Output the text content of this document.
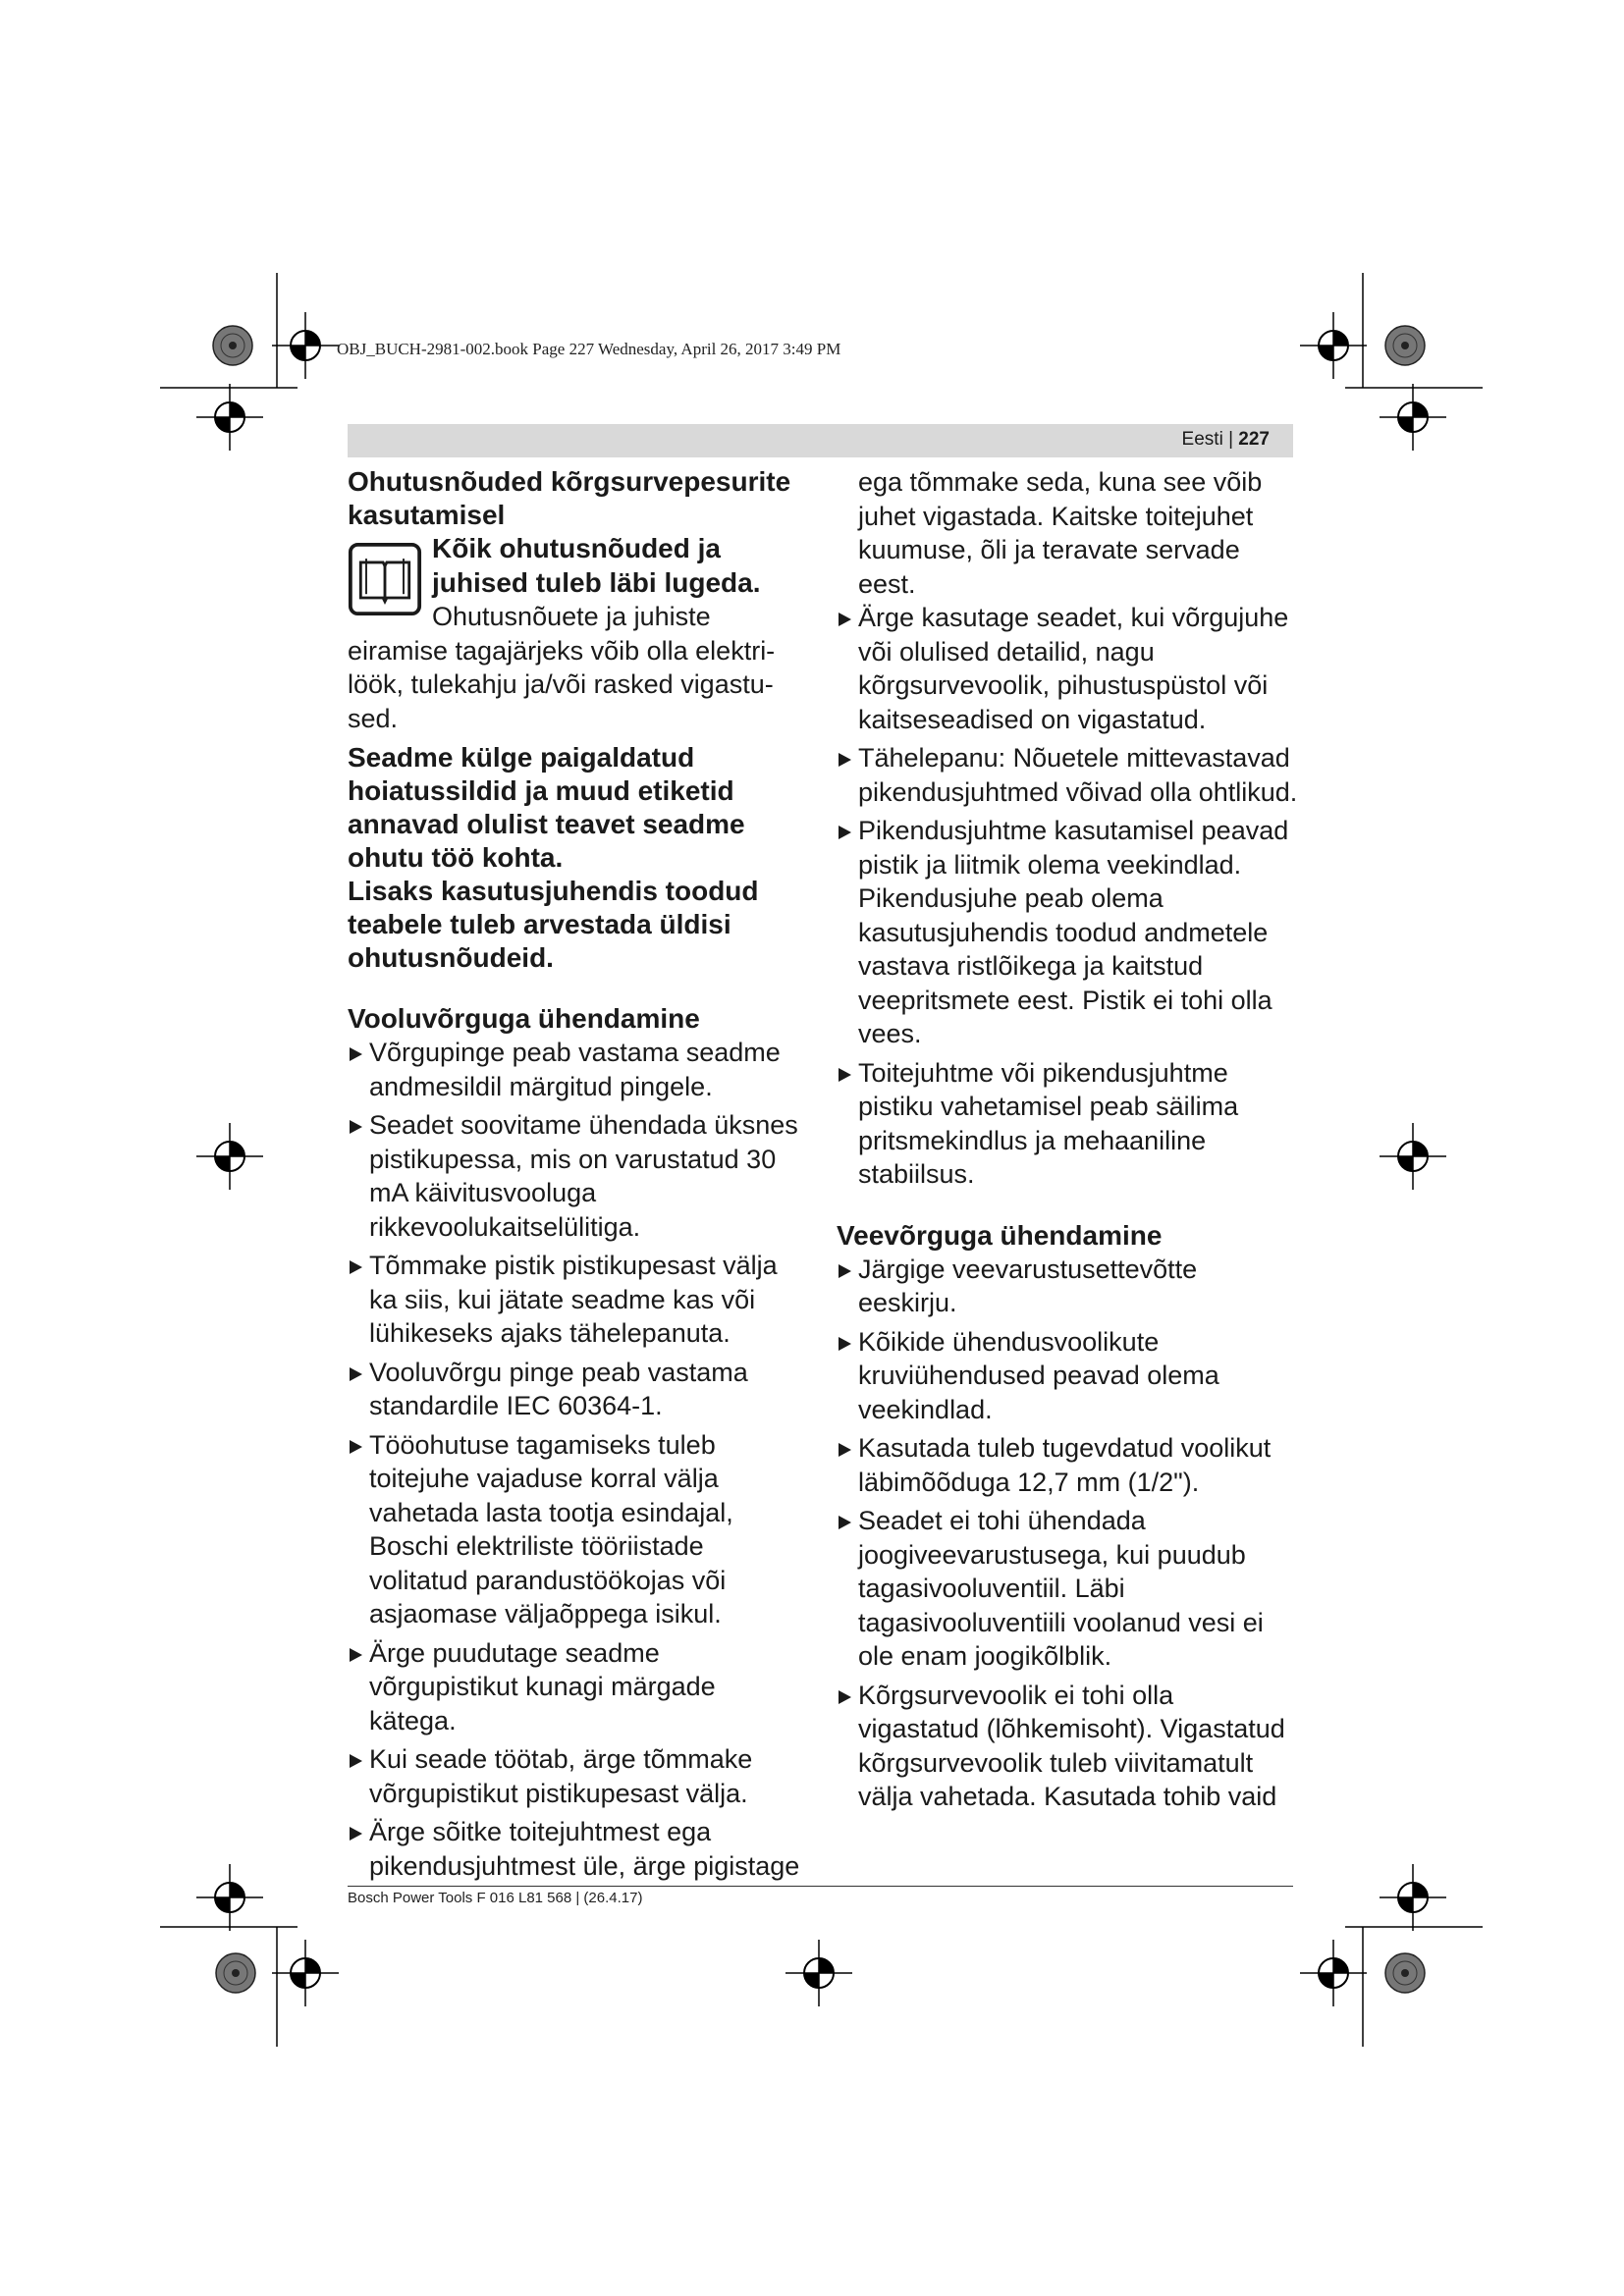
OBJ_BUCH-2981-002.book Page 227 Wednesday, April 26, 2017 3:49 PM
Eesti | 227

Ohutusnõuded kõrgsurvepesurite kasutamisel

Kõik ohutusnõuded ja juhised tuleb läbi lugeda. Ohutusnõuete ja juhiste eiramise tagajärjeks võib olla elektri-löök, tulekahju ja/või rasked vigastu-sed.

Seadme külge paigaldatud hoiatussildid ja muud etiketid annavad olulist teavet seadme ohutu töö kohta.

Lisaks kasutusjuhendis toodud teabele tuleb arvestada üldisi ohutusnõudeid.

Vooluvõrguga ühendamine

Võrgupinge peab vastama seadme andmesildil märgitud pingele.
Seadet soovitame ühendada üksnes pistikupessa, mis on varustatud 30 mA käivitusvooluga rikkevoolukaitselülitiga.
Tõmmake pistik pistikupesast välja ka siis, kui jätate seadme kas või lühikeseks ajaks tähelepanuta.
Vooluvõrgu pinge peab vastama standardile IEC 60364-1.
Tööohutuse tagamiseks tuleb toitejuhe vajaduse korral välja vahetada lasta tootja esindajal, Boschi elektriliste tööriistade volitatud parandustöökojas või asjaomase väljaõppega isikul.
Ärge puudutage seadme võrgupistikut kunagi märgade kätega.
Kui seade töötab, ärge tõmmake võrgupistikut pistikupesast välja.
Ärge sõitke toitejuhtmest ega pikendusjuhtmest üle, ärge pigistage

ega tõmmake seda, kuna see võib juhet vigastada. Kaitske toitejuhet kuumuse, õli ja teravate servade eest.

Ärge kasutage seadet, kui võrgujuhe või olulised detailid, nagu kõrgsurvevoolik, pihustuspüstol või kaitseseadised on vigastatud.
Tähelepanu: Nõuetele mittevastavad pikendusjuhtmed võivad olla ohtlikud.
Pikendusjuhtme kasutamisel peavad pistik ja liitmik olema veekindlad. Pikendusjuhe peab olema kasutusjuhendis toodud andmetele vastava ristlõikega ja kaitstud veepritsmete eest. Pistik ei tohi olla vees.
Toitejuhtme või pikendusjuhtme pistiku vahetamisel peab säilima pritsmekindlus ja mehaaniline stabiilsus.

Veevõrguga ühendamine

Järgige veevarustusettevõtte eeskirju.
Kõikide ühendusvoolikute kruviühendused peavad olema veekindlad.
Kasutada tuleb tugevdatud voolikut läbimõõduga 12,7 mm (1/2").
Seadet ei tohi ühendada joogiveevarustusega, kui puudub tagasivooluventiil. Läbi tagasivooluventiili voolanud vesi ei ole enam joogikõlblik.
Kõrgsurvevoolik ei tohi olla vigastatud (lõhkemisoht). Vigastatud kõrgsurvevoolik tuleb viivitamatult välja vahetada. Kasutada tohib vaid
Bosch Power Tools F 016 L81 568 | (26.4.17)
